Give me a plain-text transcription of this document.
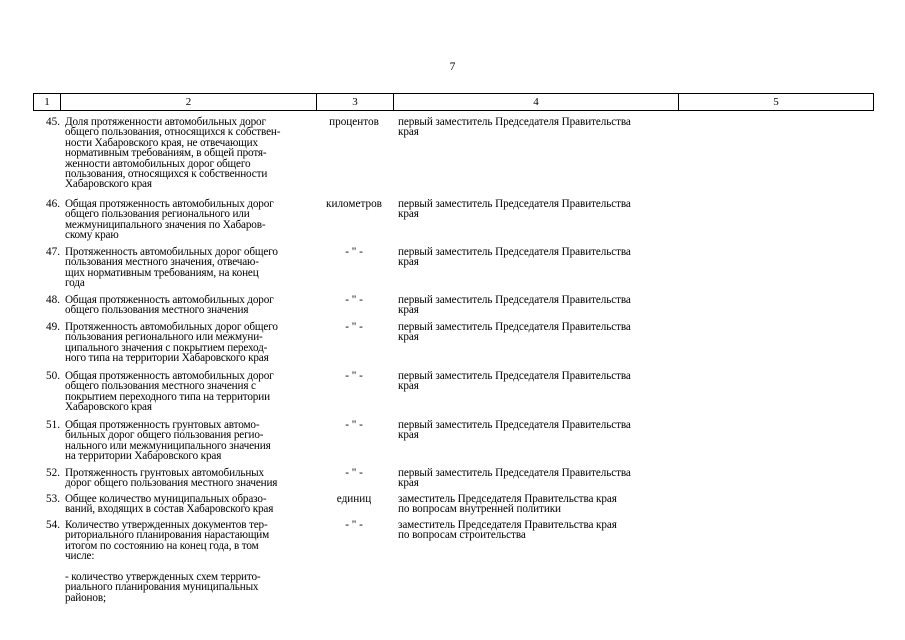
7
1	2	3	4	5
45. Доля протяженности автомобильных дорог
общего пользования, относящихся к собствен-
ности Хабаровского края, не отвечающих
нормативным требованиям, в общей протя-
женности автомобильных дорог общего
пользования, относящихся к собственности
Хабаровского края
процентов	первый заместитель Председателя Правительства
края
46. Общая протяженность автомобильных дорог
общего пользования регионального или
межмуниципального значения по Хабаров-
скому краю
километров	первый заместитель Председателя Правительства
края
47. Протяженность автомобильных дорог общего
пользования местного значения, отвечаю-
щих нормативным требованиям, на конец
года
- " -	первый заместитель Председателя Правительства
края
48. Общая протяженность автомобильных дорог
общего пользования местного значения
- " -	первый заместитель Председателя Правительства
края
49. Протяженность автомобильных дорог общего
пользования регионального или межмуни-
ципального значения с покрытием переход-
ного типа на территории Хабаровского края
- " -	первый заместитель Председателя Правительства
края
50. Общая протяженность автомобильных дорог
общего пользования местного значения с
покрытием переходного типа на территории
Хабаровского края
- " -	первый заместитель Председателя Правительства
края
51. Общая протяженность грунтовых автомо-
бильных дорог общего пользования регио-
нального или межмуниципального значения
на территории Хабаровского края
- " -	первый заместитель Председателя Правительства
края
52. Протяженность грунтовых автомобильных
дорог общего пользования местного значения
- " -	первый заместитель Председателя Правительства
края
53. Общее количество муниципальных образо-
ваний, входящих в состав Хабаровского края
единиц	заместитель Председателя Правительства края
по вопросам внутренней политики
54. Количество утвержденных документов тер-
риториального планирования нарастающим
итогом по состоянию на конец года, в том
числе:
- " -	заместитель Председателя Правительства края
по вопросам строительства
- количество утвержденных схем террито-
риального планирования муниципальных
районов;
